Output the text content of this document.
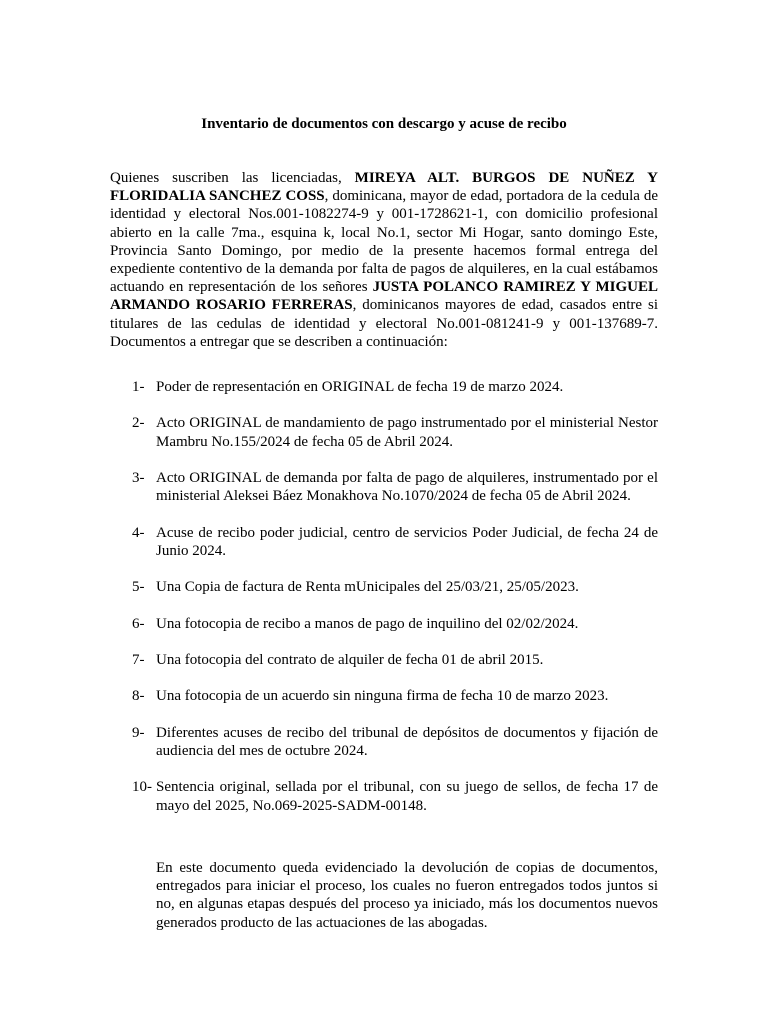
Inventario de documentos con descargo y acuse de recibo

Quienes suscriben las licenciadas, MIREYA ALT. BURGOS DE NUÑEZ Y FLORIDALIA SANCHEZ COSS, dominicana, mayor de edad, portadora de la cedula de identidad y electoral Nos.001-1082274-9 y 001-1728621-1, con domicilio profesional abierto en la calle 7ma., esquina k, local No.1, sector Mi Hogar, santo domingo Este, Provincia Santo Domingo, por medio de la presente hacemos formal entrega del expediente contentivo de la demanda por falta de pagos de alquileres, en la cual estábamos actuando en representación de los señores JUSTA POLANCO RAMIREZ Y MIGUEL ARMANDO ROSARIO FERRERAS, dominicanos mayores de edad, casados entre si titulares de las cedulas de identidad y electoral No.001-081241-9 y 001-137689-7. Documentos a entregar que se describen a continuación:

1- Poder de representación en ORIGINAL de fecha 19 de marzo 2024.
2- Acto ORIGINAL de mandamiento de pago instrumentado por el ministerial Nestor Mambru No.155/2024 de fecha 05 de Abril 2024.
3- Acto ORIGINAL de demanda por falta de pago de alquileres, instrumentado por el ministerial Aleksei Báez Monakhova No.1070/2024 de fecha 05 de Abril 2024.
4- Acuse de recibo poder judicial, centro de servicios Poder Judicial, de fecha 24 de Junio 2024.
5- Una Copia de factura de Renta mUnicipales del 25/03/21, 25/05/2023.
6- Una fotocopia de recibo a manos de pago de inquilino del 02/02/2024.
7- Una fotocopia del contrato de alquiler de fecha 01 de abril 2015.
8- Una fotocopia de un acuerdo sin ninguna firma de fecha 10 de marzo 2023.
9- Diferentes acuses de recibo del tribunal de depósitos de documentos y fijación de audiencia del mes de octubre 2024.
10- Sentencia original, sellada por el tribunal, con su juego de sellos, de fecha 17 de mayo del 2025, No.069-2025-SADM-00148.

En este documento queda evidenciado la devolución de copias de documentos, entregados para iniciar el proceso, los cuales no fueron entregados todos juntos si no, en algunas etapas después del proceso ya iniciado, más los documentos nuevos generados producto de las actuaciones de las abogadas.
